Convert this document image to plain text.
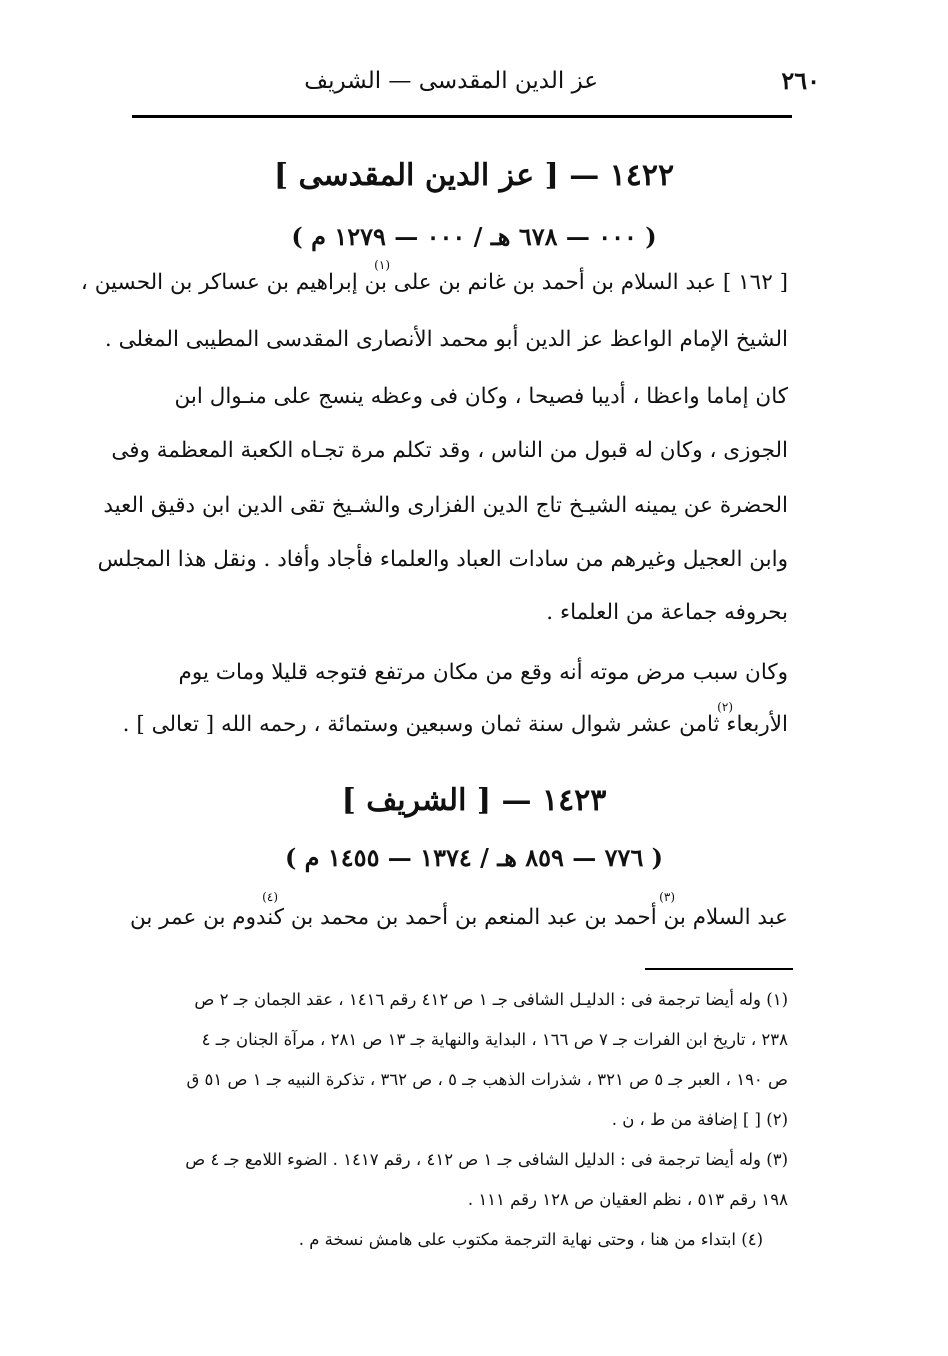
عز الدين المقدسى — الشريف	٢٦٠
١٤٢٢ — [ عز الدين المقدسى ]
( ٠٠٠ — ٦٧٨ هـ / ٠٠٠ — ١٢٧٩ م )
[ ١٦٢ ] عبد السلام بن أحمد بن غانم بن على بن إبراهيم بن عساكر بن الحسين ،
الشيخ الإمام الواعظ عز الدين أبو محمد الأنصارى المقدسى المطيبى المغلى .
كان إماما واعظا ، أديبا فصيحا ، وكان فى وعظه ينسج على منـوال ابن
الجوزى ، وكان له قبول من الناس ، وقد تكلم مرة تجـاه الكعبة المعظمة وفى
الحضرة عن يمينه الشيـخ تاج الدين الفزارى والشـيخ تقى الدين ابن دقيق العيد
وابن العجيل وغيرهم من سادات العباد والعلماء فأجاد وأفاد . ونقل هذا المجلس
بحروفه جماعة من العلماء .
وكان سبب مرض موته أنه وقع من مكان مرتفع فتوجه قليلا ومات يوم
الأربعاء ثامن عشر شوال سنة ثمان وسبعين وستمائة ، رحمه الله [ تعالى ] .
(١)
(٢)
١٤٢٣ — [ الشريف ]
( ٧٧٦ — ٨٥٩ هـ / ١٣٧٤ — ١٤٥٥ م )
عبد السلام بن أحمد بن عبد المنعم بن أحمد بن محمد بن كندوم بن عمر بن
(٣)
(٤)
(١) وله أيضا ترجمة فى : الدليـل الشافى جـ ١ ص ٤١٢ رقم ١٤١٦ ، عقد الجمان جـ ٢ ص
٢٣٨ ، تاريخ ابن الفرات جـ ٧ ص ١٦٦ ، البداية والنهاية جـ ١٣ ص ٢٨١ ، مرآة الجنان جـ ٤
ص ١٩٠ ، العبر جـ ٥ ص ٣٢١ ، شذرات الذهب جـ ٥ ، ص ٣٦٢ ، تذكرة النبيه جـ ١ ص ٥١ ق
(٢) [ ] إضافة من ط ، ن .
(٣) وله أيضا ترجمة فى : الدليل الشافى جـ ١ ص ٤١٢ ، رقم ١٤١٧ . الضوء اللامع جـ ٤ ص
١٩٨ رقم ٥١٣ ، نظم العقيان ص ١٢٨ رقم ١١١ .
(٤) ابتداء من هنا ، وحتى نهاية الترجمة مكتوب على هامش نسخة م .
